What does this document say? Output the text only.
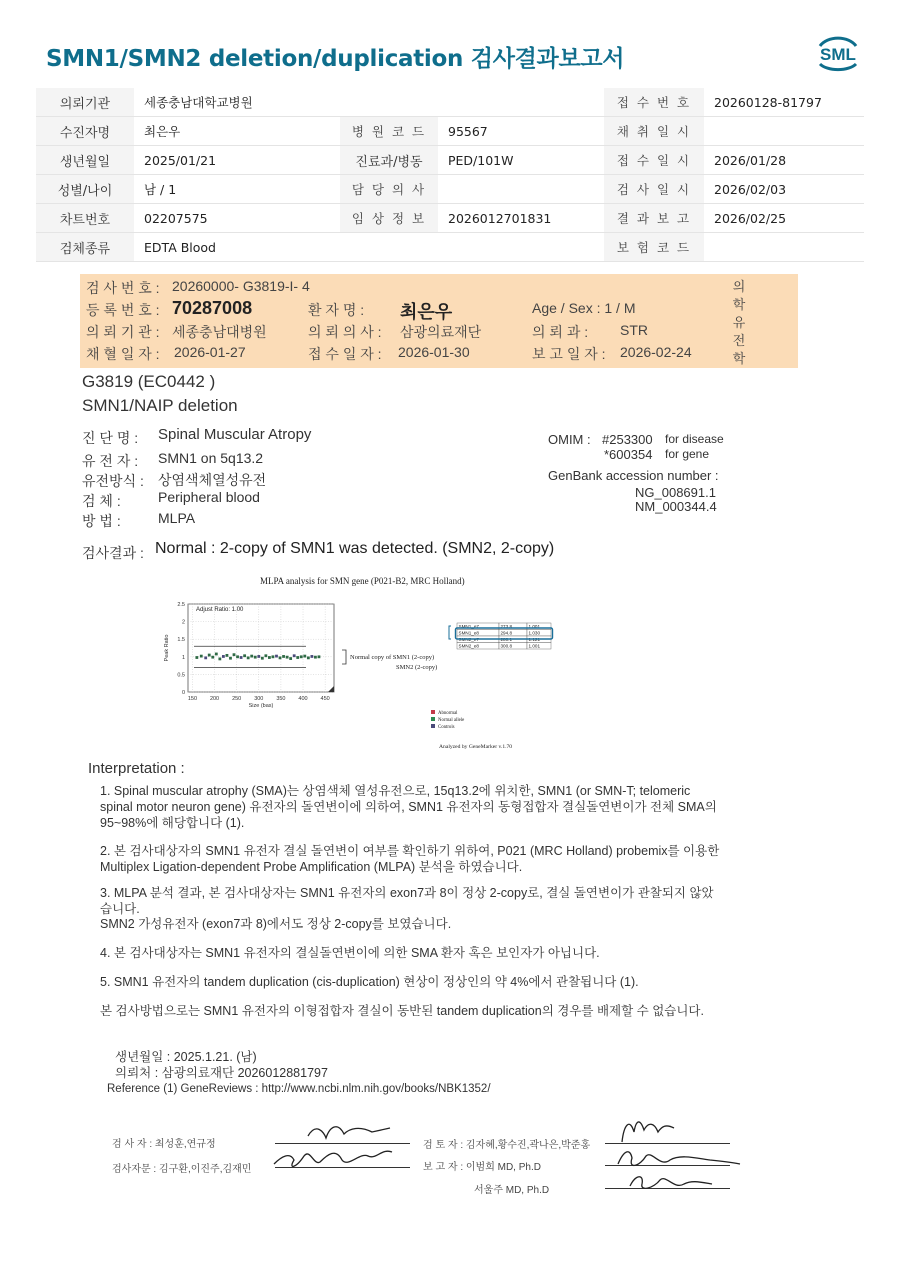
SMN1/SMN2 deletion/duplication 검사결과보고서	SML
의뢰기관	세종충남대학교병원			접 수 번 호	20260128-81797
수진자명	최은우	병 원 코 드	95567	채 취 일 시	
생년월일	2025/01/21	진료과/병동	PED/101W	접 수 일 시	2026/01/28
성별/나이	남 / 1	담 당 의 사		검 사 일 시	2026/02/03
차트번호	02207575	임 상 정 보	2026012701831	결 과 보 고	2026/02/25
검체종류	EDTA Blood			보 험 코 드	
검 사 번 호 : 20260000- G3819-I- 4
등 록 번 호 : 70287008	환 자 명 : 최은우	Age / Sex : 1 / M
의 뢰 기 관 : 세종충남대병원	의 뢰 의 사 : 삼광의료재단	의 뢰 과 : STR
채 혈 일 자 : 2026-01-27	접 수 일 자 : 2026-01-30	보 고 일 자 : 2026-02-24
의
학
유
전
학
G3819 (EC0442 )
SMN1/NAIP deletion
진 단 명 : Spinal Muscular Atropy
유 전 자 : SMN1 on 5q13.2
유전방식 : 상염색체열성유전
검 체 :	Peripheral blood
방 법 :	MLPA
OMIM : #253300 for disease
*600354 for gene
GenBank accession number :
NG_008691.1
NM_000344.4
검사결과 : Normal : 2-copy of SMN1 was detected. (SMN2, 2-copy)
MLPA analysis for SMN gene (P021-B2, MRC Holland)
150 200 250 300 350 400 450
0
0.5
1
1.5
2
2.5
Size (bas)
Peak Ratio
Adjust Ratio: 1.00
Normal copy of SMN1 (2-copy)
SMN2 (2-copy)
SMN1_e7	273.8	1.001
SMN1_e8	294.8	1.030
SMN2_e7	280.1	1.121
SMN2_e8	300.8	1.001
Abnormal
Normal allele
Controls
Analyzed by GeneMarker v.1.70
Interpretation :
1. Spinal muscular atrophy (SMA)는 상염색체 열성유전으로, 15q13.2에 위치한, SMN1 (or SMN-T; telomeric spinal motor neuron gene) 유전자의 돌연변이에 의하여, SMN1 유전자의 동형접합자 결실돌연변이가 전체 SMA의 95~98%에 해당합니다 (1).
2. 본 검사대상자의 SMN1 유전자 결실 돌연변이 여부를 확인하기 위하여, P021 (MRC Holland) probemix를 이용한 Multiplex Ligation-dependent Probe Amplification (MLPA) 분석을 하였습니다.
3. MLPA 분석 결과, 본 검사대상자는 SMN1 유전자의 exon7과 8이 정상 2-copy로, 결실 돌연변이가 관찰되지 않았습니다.
SMN2 가성유전자 (exon7과 8)에서도 정상 2-copy를 보였습니다.
4. 본 검사대상자는 SMN1 유전자의 결실돌연변이에 의한 SMA 환자 혹은 보인자가 아닙니다.
5. SMN1 유전자의 tandem duplication (cis-duplication) 현상이 정상인의 약 4%에서 관찰됩니다 (1).
본 검사방법으로는 SMN1 유전자의 이형접합자 결실이 동반된 tandem duplication의 경우를 배제할 수 없습니다.
생년월일 : 2025.1.21. (남)
의뢰처 : 삼광의료재단 2026012881797
Reference (1) GeneReviews : http://www.ncbi.nlm.nih.gov/books/NBK1352/
검 사 자 : 최성훈,연규정
검사자문 : 김구환,이진주,김재민
검 토 자 : 김자혜,황수진,곽나은,박준홍
보 고 자 : 이범희 MD, Ph.D
서울주 MD, Ph.D
